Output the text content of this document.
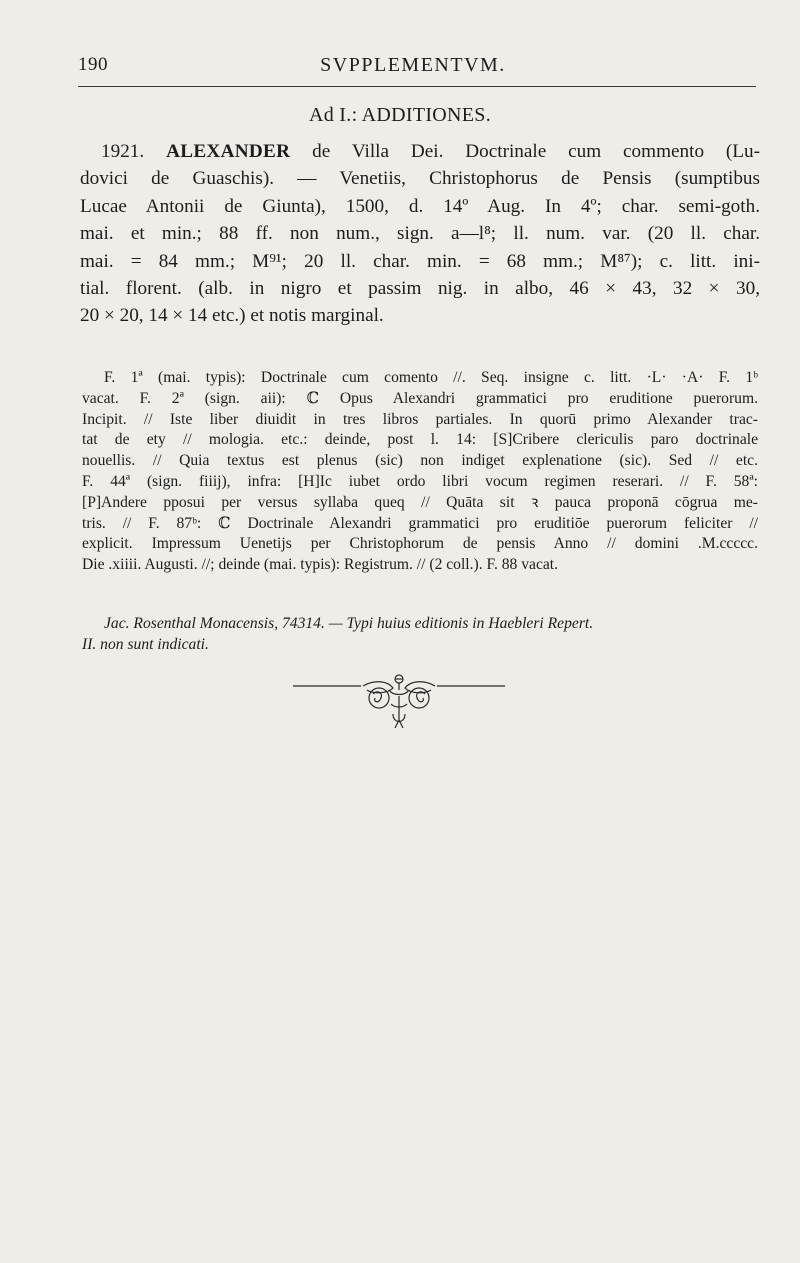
190	SVPPLEMENTVM.
Ad I.: ADDITIONES.
1921. ALEXANDER de Villa Dei. Doctrinale cum commento (Lu-
dovici de Guaschis). — Venetiis, Christophorus de Pensis (sumptibus
Lucae Antonii de Giunta), 1500, d. 14º Aug. In 4º; char. semi-goth.
mai. et min.; 88 ff. non num., sign. a—l⁸; ll. num. var. (20 ll. char.
mai. = 84 mm.; M⁹¹; 20 ll. char. min. = 68 mm.; M⁸⁷); c. litt. ini-
tial. florent. (alb. in nigro et passim nig. in albo, 46 × 43, 32 × 30,
20 × 20, 14 × 14 etc.) et notis marginal.
F. 1ª (mai. typis): Doctrinale cum comento //. Seq. insigne c. litt. ·L· ·A· F. 1ᵇ
vacat. F. 2ª (sign. aii): ℂ Opus Alexandri grammatici pro eruditione puerorum.
Incipit. // Iste liber diuidit in tres libros partiales. In quorū primo Alexander trac-
tat de ety // mologia. etc.: deinde, post l. 14: [S]Cribere clericulis paro doctrinale
nouellis. // Quia textus est plenus (sic) non indiget explenatione (sic). Sed // etc.
F. 44ª (sign. fiiij), infra: [H]Ic iubet ordo libri vocum regimen reserari. // F. 58ª:
[P]Andere pposui per versus syllaba queq // Quāta sit ꝛ pauca proponā cōgrua me-
tris. // F. 87ᵇ: ℂ Doctrinale Alexandri grammatici pro eruditiōe puerorum feliciter //
explicit. Impressum Uenetijs per Christophorum de pensis Anno // domini .M.ccccc.
Die .xiiii. Augusti. //; deinde (mai. typis): Registrum. // (2 coll.). F. 88 vacat.
Jac. Rosenthal Monacensis, 74314. — Typi huius editionis in Haebleri Repert.
II. non sunt indicati.
